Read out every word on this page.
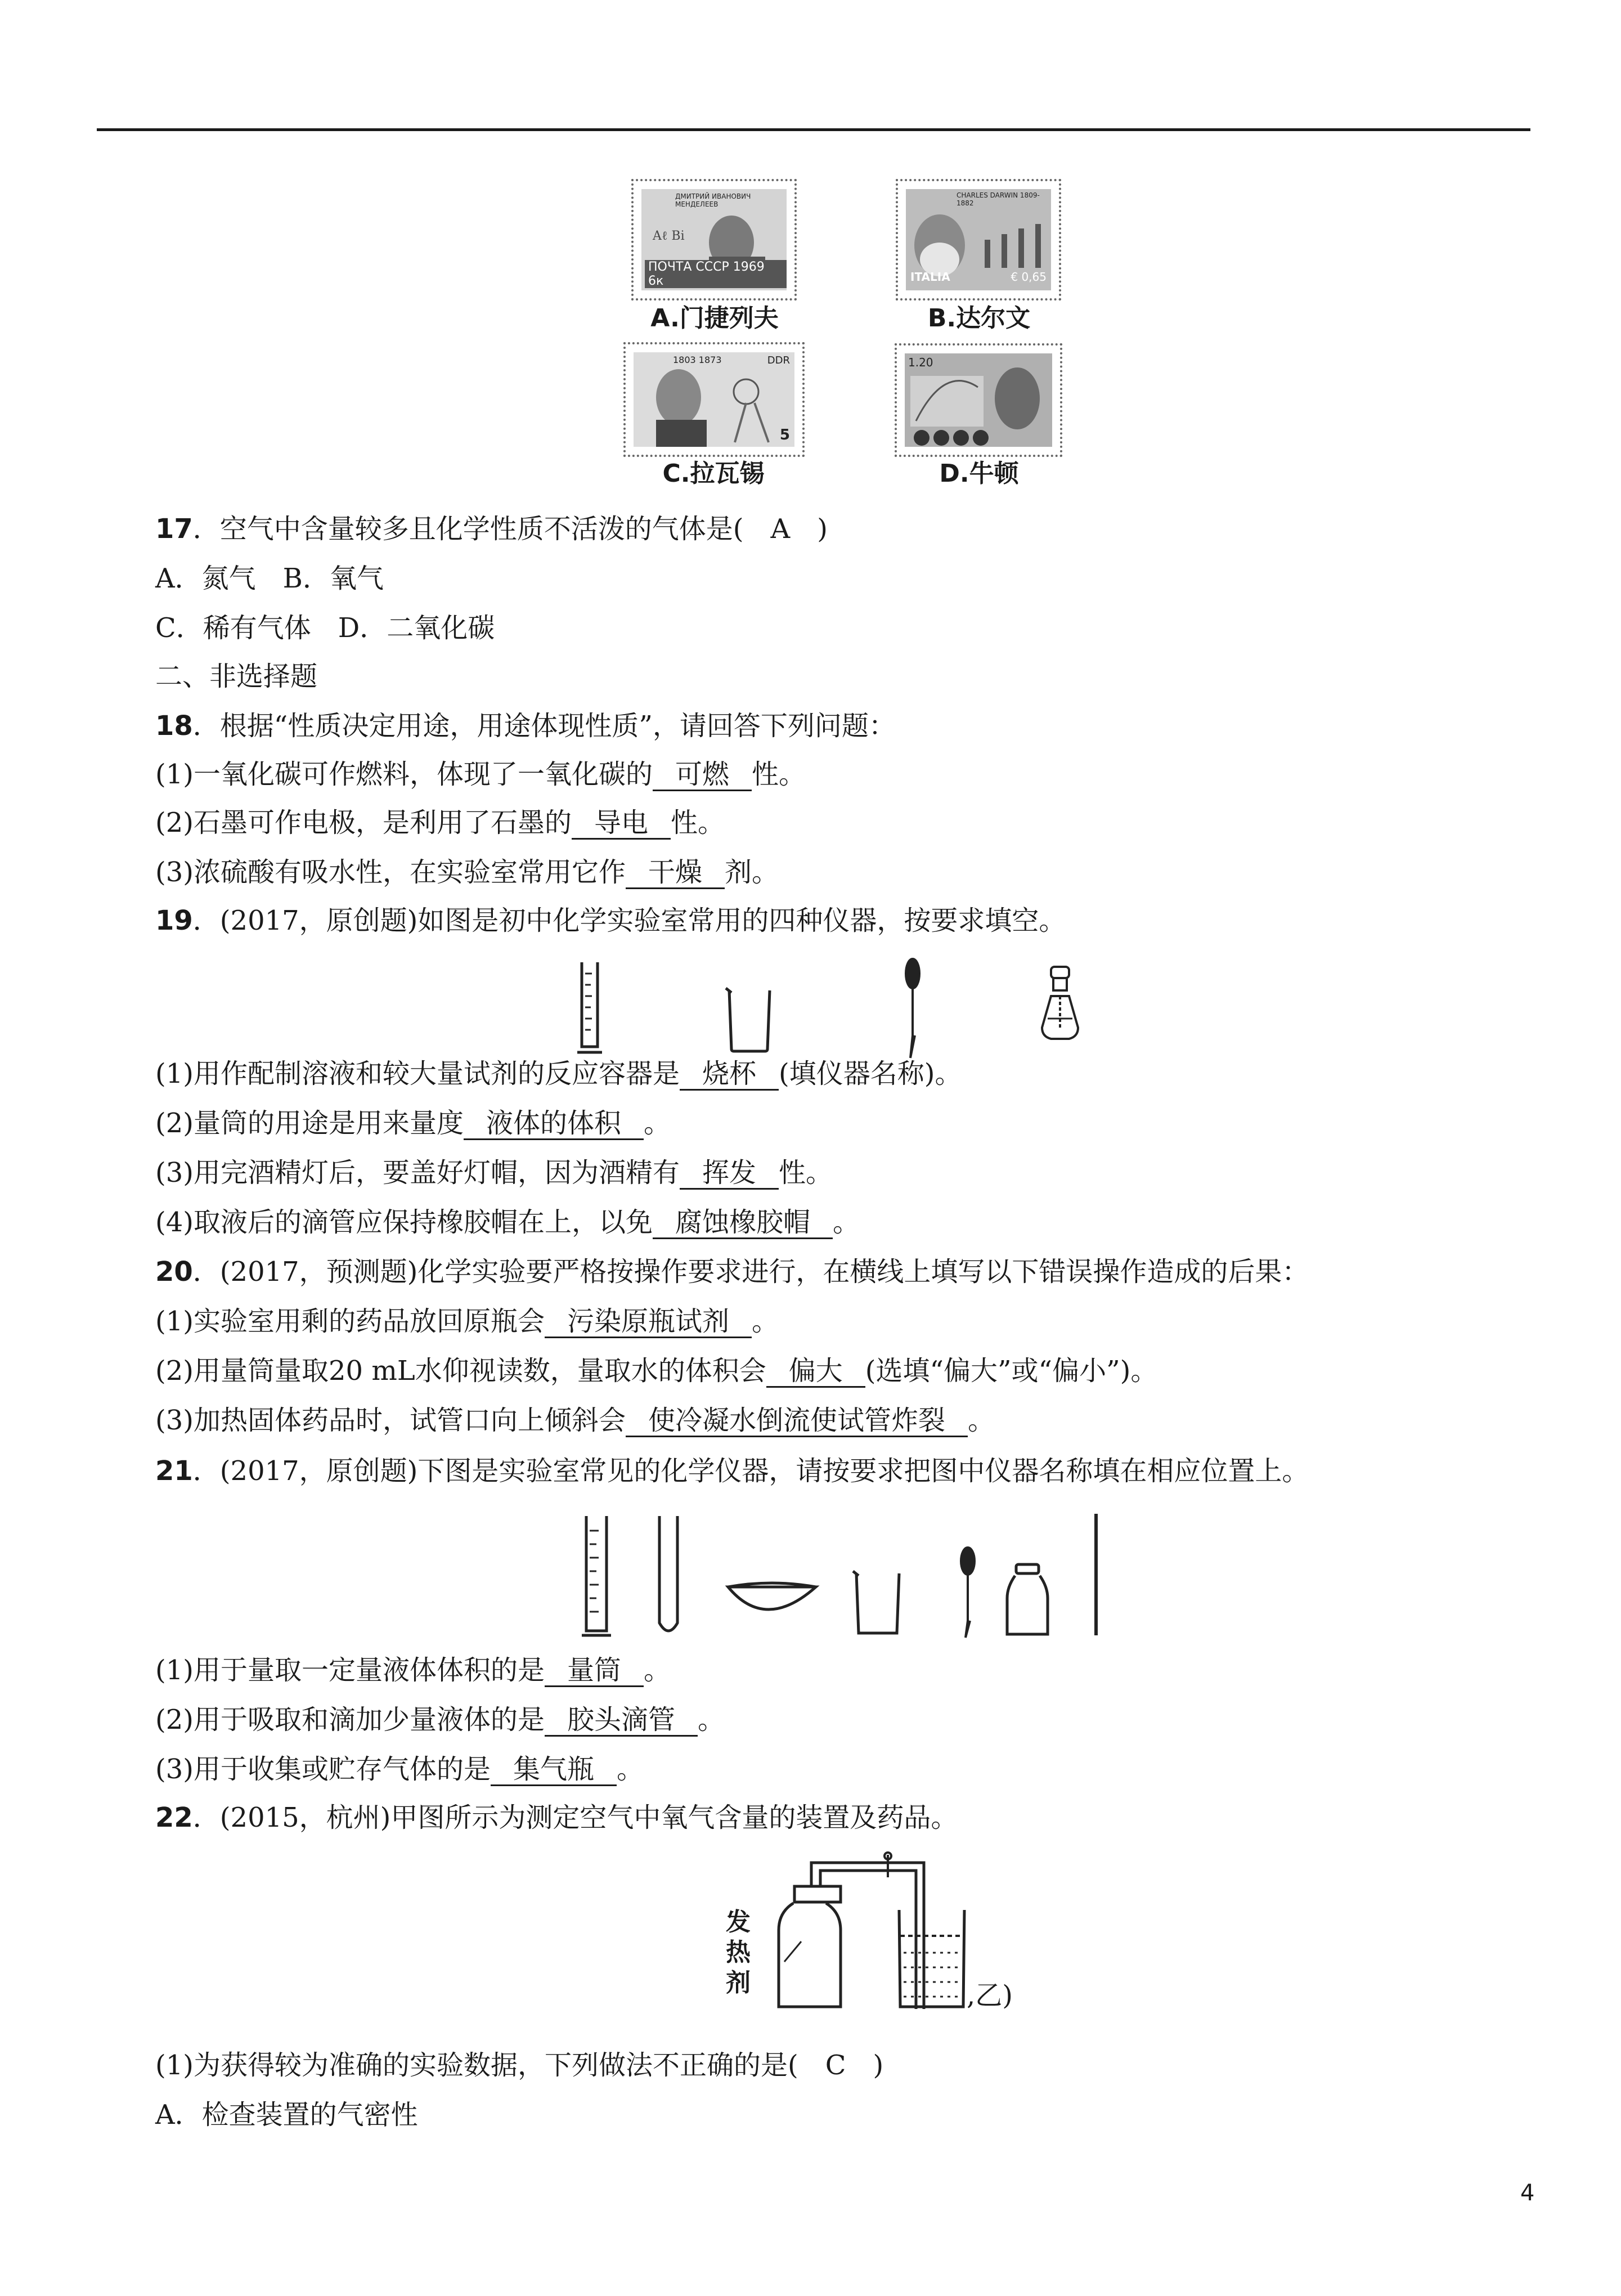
ДМИТРИЙ ИВАНОВИЧ МЕНДЕЛЕЕВ
Aℓ Bi
ПОЧТА СССР 1969 6к
A.门捷列夫
CHARLES DARWIN 1809-1882
ITALIA	€ 0,65
B.达尔文
1803 1873	DDR
5
C.拉瓦锡
1.20
D.牛顿
17．空气中含量较多且化学性质不活泼的气体是(　A　)
A．氮气　B．氧气
C．稀有气体　D．二氧化碳
二、非选择题
18．根据“性质决定用途，用途体现性质”，请回答下列问题：
(1)一氧化碳可作燃料，体现了一氧化碳的 可燃 性。
(2)石墨可作电极，是利用了石墨的 导电 性。
(3)浓硫酸有吸水性，在实验室常用它作 干燥 剂。
19．(2017，原创题)如图是初中化学实验室常用的四种仪器，按要求填空。
(1)用作配制溶液和较大量试剂的反应容器是 烧杯 (填仪器名称)。
(2)量筒的用途是用来量度 液体的体积 。
(3)用完酒精灯后，要盖好灯帽，因为酒精有 挥发 性。
(4)取液后的滴管应保持橡胶帽在上，以免 腐蚀橡胶帽 。
20．(2017，预测题)化学实验要严格按操作要求进行，在横线上填写以下错误操作造成的后果：
(1)实验室用剩的药品放回原瓶会 污染原瓶试剂 。
(2)用量筒量取20 mL水仰视读数，量取水的体积会 偏大 (选填“偏大”或“偏小”)。
(3)加热固体药品时，试管口向上倾斜会 使冷凝水倒流使试管炸裂 。
21．(2017，原创题)下图是实验室常见的化学仪器，请按要求把图中仪器名称填在相应位置上。
(1)用于量取一定量液体体积的是 量筒 。
(2)用于吸取和滴加少量液体的是 胶头滴管 。
(3)用于收集或贮存气体的是 集气瓶 。
22．(2015，杭州)甲图所示为测定空气中氧气含量的装置及药品。
发
热
剂	,乙)
(1)为获得较为准确的实验数据，下列做法不正确的是(　C　)
A．检查装置的气密性
4
